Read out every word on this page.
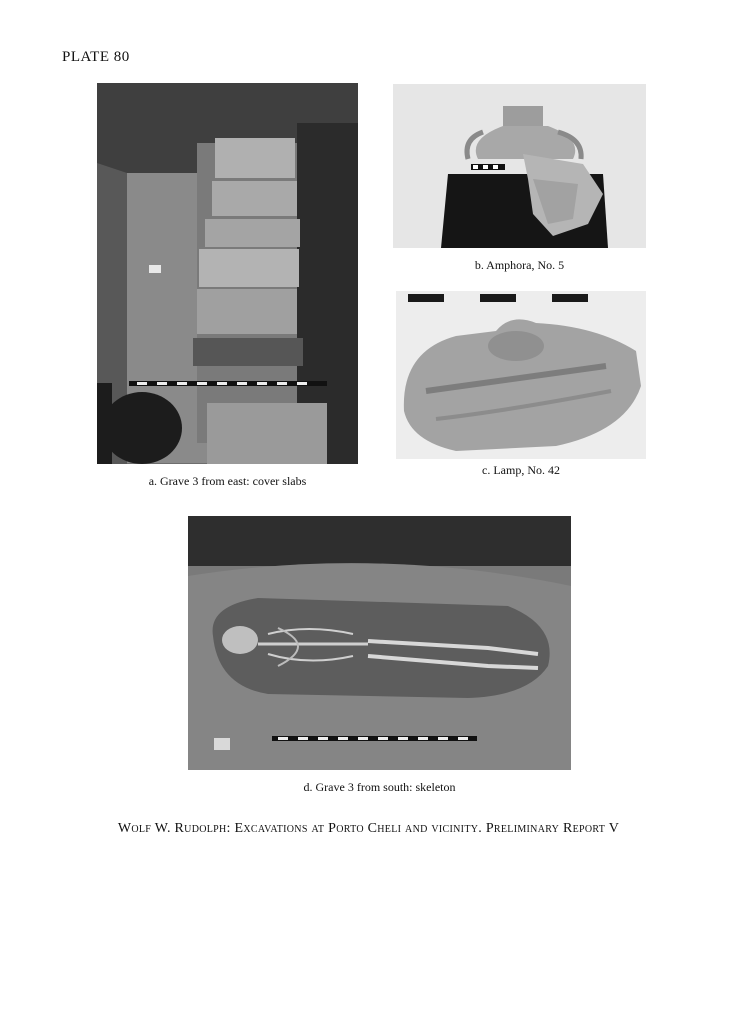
PLATE 80
a. Grave 3 from east: cover slabs
b. Amphora, No. 5
c. Lamp, No. 42
d. Grave 3 from south: skeleton
Wolf W. Rudolph: Excavations at Porto Cheli and vicinity. Preliminary Report V
